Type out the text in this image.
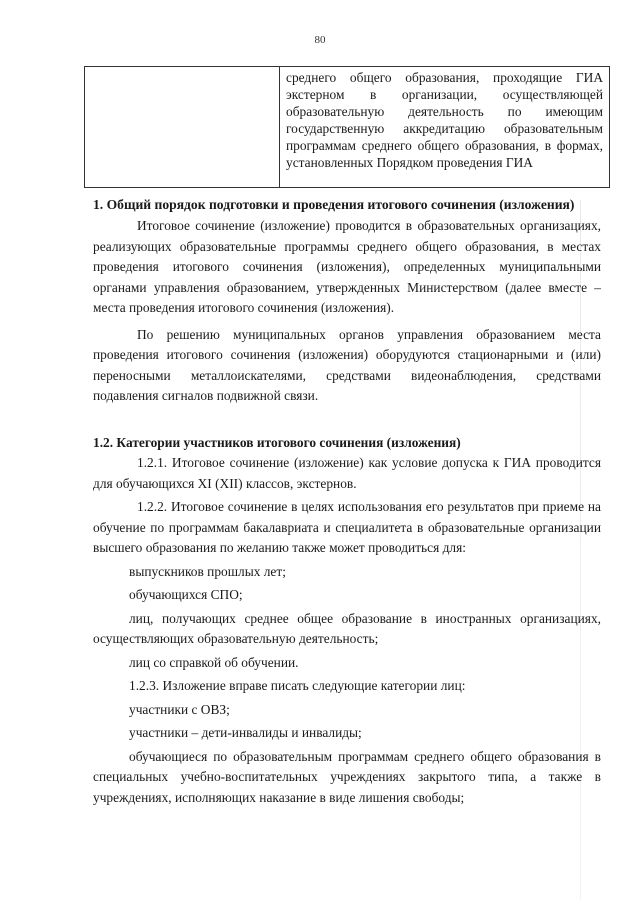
80
среднего общего образования, проходящие ГИА экстерном в организации, осуществляющей образовательную деятельность по имеющим государственную аккредитацию образовательным программам среднего общего образования, в формах, установленных Порядком проведения ГИА

1. Общий порядок подготовки и проведения итогового сочинения (изложения)

Итоговое сочинение (изложение) проводится в образовательных организациях, реализующих образовательные программы среднего общего образования, в местах проведения итогового сочинения (изложения), определенных муниципальными органами управления образованием, утвержденных Министерством (далее вместе – места проведения итогового сочинения (изложения).

По решению муниципальных органов управления образованием места проведения итогового сочинения (изложения) оборудуются стационарными и (или) переносными металлоискателями, средствами видеонаблюдения, средствами подавления сигналов подвижной связи.

1.2. Категории участников итогового сочинения (изложения)

1.2.1. Итоговое сочинение (изложение) как условие допуска к ГИА проводится для обучающихся XI (XII) классов, экстернов.

1.2.2. Итоговое сочинение в целях использования его результатов при приеме на обучение по программам бакалавриата и специалитета в образовательные организации высшего образования по желанию также может проводиться для:

выпускников прошлых лет;

обучающихся СПО;

лиц, получающих среднее общее образование в иностранных организациях, осуществляющих образовательную деятельность;

лиц со справкой об обучении.

1.2.3. Изложение вправе писать следующие категории лиц:

участники с ОВЗ;

участники – дети-инвалиды и инвалиды;

обучающиеся по образовательным программам среднего общего образования в специальных учебно-воспитательных учреждениях закрытого типа, а также в учреждениях, исполняющих наказание в виде лишения свободы;
